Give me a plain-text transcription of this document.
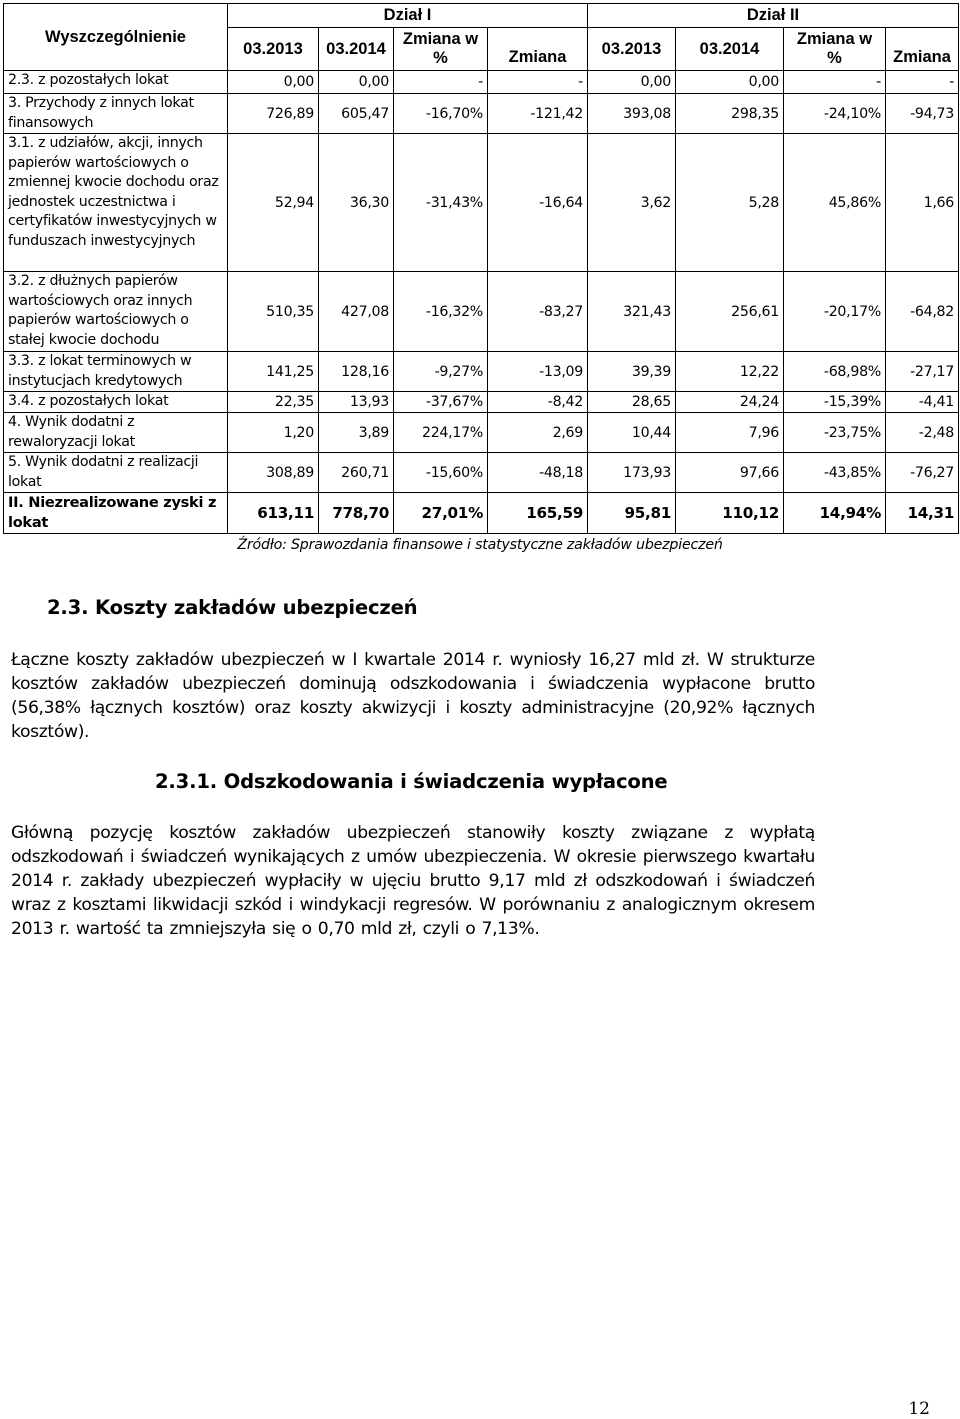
Wyszczególnienie	Dział I				Dział II			
	03.2013	03.2014	Zmiana w %	Zmiana	03.2013	03.2014	Zmiana w %	Zmiana
2.3. z pozostałych lokat	0,00	0,00	-	-	0,00	0,00	-	-
3. Przychody z innych lokat finansowych	726,89	605,47	-16,70%	-121,42	393,08	298,35	-24,10%	-94,73
3.1. z udziałów, akcji, innych papierów wartościowych o zmiennej kwocie dochodu oraz jednostek uczestnictwa i certyfikatów inwestycyjnych w funduszach inwestycyjnych	52,94	36,30	-31,43%	-16,64	3,62	5,28	45,86%	1,66
3.2. z dłużnych papierów wartościowych oraz innych papierów wartościowych o stałej kwocie dochodu	510,35	427,08	-16,32%	-83,27	321,43	256,61	-20,17%	-64,82
3.3. z lokat terminowych w instytucjach kredytowych	141,25	128,16	-9,27%	-13,09	39,39	12,22	-68,98%	-27,17
3.4. z pozostałych lokat	22,35	13,93	-37,67%	-8,42	28,65	24,24	-15,39%	-4,41
4. Wynik dodatni z rewaloryzacji lokat	1,20	3,89	224,17%	2,69	10,44	7,96	-23,75%	-2,48
5. Wynik dodatni z realizacji lokat	308,89	260,71	-15,60%	-48,18	173,93	97,66	-43,85%	-76,27
II. Niezrealizowane zyski z lokat	613,11	778,70	27,01%	165,59	95,81	110,12	14,94%	14,31
Źródło: Sprawozdania finansowe i statystyczne zakładów ubezpieczeń
2.3. Koszty zakładów ubezpieczeń

Łączne koszty zakładów ubezpieczeń w I kwartale 2014 r. wyniosły 16,27 mld zł. W strukturze kosztów zakładów ubezpieczeń dominują odszkodowania i świadczenia wypłacone brutto (56,38% łącznych kosztów) oraz koszty akwizycji i koszty administracyjne (20,92% łącznych kosztów).

2.3.1. Odszkodowania i świadczenia wypłacone

Główną pozycję kosztów zakładów ubezpieczeń stanowiły koszty związane z wypłatą odszkodowań i świadczeń wynikających z umów ubezpieczenia. W okresie pierwszego kwartału 2014 r. zakłady ubezpieczeń wypłaciły w ujęciu brutto 9,17 mld zł odszkodowań i świadczeń wraz z kosztami likwidacji szkód i windykacji regresów. W porównaniu z analogicznym okresem 2013 r. wartość ta zmniejszyła się o 0,70 mld zł, czyli o 7,13%.

12
